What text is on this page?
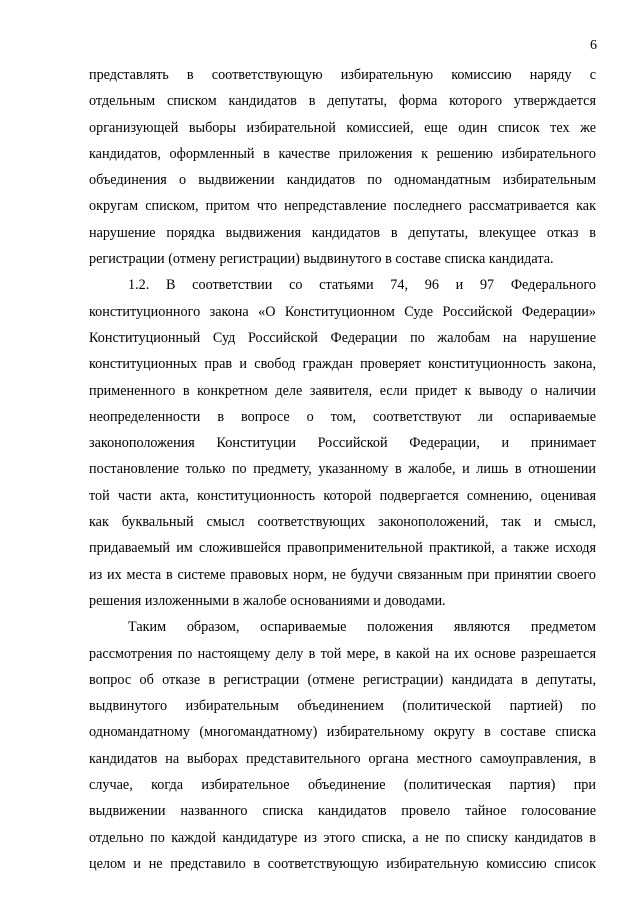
6

представлять в соответствующую избирательную комиссию наряду с

отдельным списком кандидатов в депутаты, форма которого утверждается

организующей выборы избирательной комиссией, еще один список тех же

кандидатов, оформленный в качестве приложения к решению избирательного

объединения о выдвижении кандидатов по одномандатным избирательным

округам списком, притом что непредставление последнего рассматривается как

нарушение порядка выдвижения кандидатов в депутаты, влекущее отказ в

регистрации (отмену регистрации) выдвинутого в составе списка кандидата.

1.2. В соответствии со статьями 74, 96 и 97 Федерального

конституционного закона «О Конституционном Суде Российской Федерации»

Конституционный Суд Российской Федерации по жалобам на нарушение

конституционных прав и свобод граждан проверяет конституционность закона,

примененного в конкретном деле заявителя, если придет к выводу о наличии

неопределенности в вопросе о том, соответствуют ли оспариваемые

законоположения Конституции Российской Федерации, и принимает

постановление только по предмету, указанному в жалобе, и лишь в отношении

той части акта, конституционность которой подвергается сомнению, оценивая

как буквальный смысл соответствующих законоположений, так и смысл,

придаваемый им сложившейся правоприменительной практикой, а также исходя

из их места в системе правовых норм, не будучи связанным при принятии своего

решения изложенными в жалобе основаниями и доводами.

Таким образом, оспариваемые положения являются предметом

рассмотрения по настоящему делу в той мере, в какой на их основе разрешается

вопрос об отказе в регистрации (отмене регистрации) кандидата в депутаты,

выдвинутого избирательным объединением (политической партией) по

одномандатному (многомандатному) избирательному округу в составе списка

кандидатов на выборах представительного органа местного самоуправления, в

случае, когда избирательное объединение (политическая партия) при

выдвижении названного списка кандидатов провело тайное голосование

отдельно по каждой кандидатуре из этого списка, а не по списку кандидатов в

целом и не представило в соответствующую избирательную комиссию список
